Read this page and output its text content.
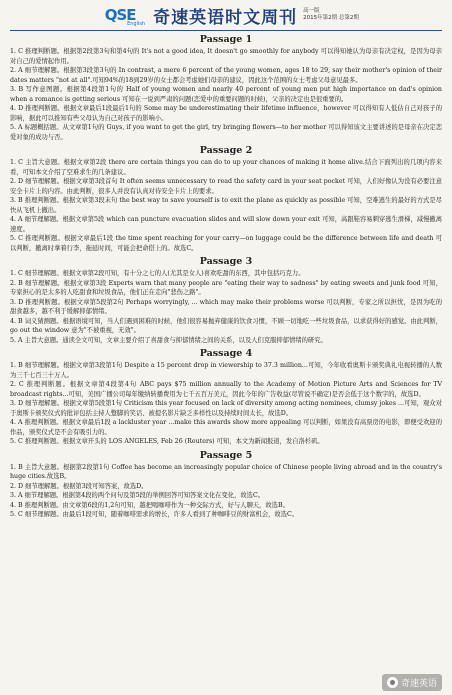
QSE
English 奇速英语时文周刊 高一版
2015年第2期 总第2期
Passage 1

1. C 推理判断题。根据第2段第3句和第4句的 It's not a good idea, It doesn't go smoothly for anybody 可以得知她认为母亲有决定权，是因为母亲对自己的爱情起作用。

2. A 细节理解题。根据第3段第3句的 In contrast, a mere 6 percent of the young women, ages 18 to 29, say their mother's opinion of their dates matters "not at all".可知94%的18到29岁的女士都会考虑她们母亲的建议，因此这个范围的女士考虑父母意见最多。

3. B 写作意图题。根据第4段第1句的 Half of young women and nearly 40 percent of young men put high importance on dad's opinion when a romance is getting serious 可知在一说到严肃的问题(恋爱中的重要问题的时候)，父亲的决定也是很重要的。

4. D 推理判断题。根据文章最后1段最后1句的 Some may be underestimating their lifetime influence，however 可以得知有人低估自己对孩子的影响，据此可以推知有些父母认为自己对孩子的影响小。

5. A 标题概括题。从文章第1句的 Guys, if you want to get the girl, try bringing flowers—to her mother 可以得知该文主要讲述的是母亲在决定恋爱对象的成功与否。

Passage 2

1. C 主旨大意题。根据文章第2段 there are certain things you can do to up your chances of making it home alive.结合下面列出的几项内容来看，可知本文介绍了空难求生的几条建议。

2. D 细节理解题。根据文章第3段首句 It often seems unnecessary to read the safety card in your seat pocket 可知，人们好像认为没有必要注意安全卡片上的内容。由此判断，很多人并没有认真对待安全卡片上的要求。

3. B 推理判断题。根据文章第3段末句 the best way to save yourself is to exit the plane as quickly as possible 可知，空难逃生的最好的方式是尽快从飞机上撤出。

4. A 细节理解题。根据文章第5段 which can puncture evacuation slides and will slow down your exit 可知，高跟鞋容易刺穿逃生滑梯，减慢撤离速度。

5. C 推理判断题。根据文章最后1段 the time spent reaching for your carry—on luggage could be the difference between life and death 可以判断，撤离时拿着行李，拖延时间，可能会把命搭上的。故选C。

Passage 3

1. C 细节理解题。根据文章第2段可知，有十分之七的人(尤其是女人)喜欢吃甜的东西，其中包括巧克力。

2. B 细节理解题。根据文章第3段 Experts warn that many people are "eating their way to sadness" by eating sweets and junk food 可知，专家担心的是太多的人吃甜食和垃圾食品，他们正在走向"悲伤之路"。

3. D 推理判断题。根据文章第5段第2句 Perhaps worryingly, ... which may make their problems worse 可以判断，专家之所以担忧，是因为吃的甜食越多，越不利于缓解抑郁情绪。

4. B 词义猜测题。根据语境可知，当人们遇到困难的时候，他们很容易抛弃健康的饮食习惯，不顾一切地吃一些垃圾食品，以求获得好的感觉。由此判断，go out the window 意为"不被重视，无效"。

5. A 主旨大意题。通读全文可知，文章主要介绍了喜甜食与抑郁情绪之间的关系，以及人们克服抑郁情绪的研究。

Passage 4

1. B 细节理解题。根据文章第3段第1句 Despite a 15 percent drop in viewership to 37.3 million...可知，今年收看奥斯卡颁奖典礼电视转播的人数为三千七百三十万人。

2. C 推理判断题。根据文章第4段第4句 ABC pays $75 million annually to the Academy of Motion Picture Arts and Sciences for TV broadcast rights...可知，美国广播公司每年缴纳转播费用为七千五百万美元，因此今年的广告收益(尽管说不确定)是否会低于这个数字的，故选D。

3. D 细节理解题。根据文章第5段第1句 Criticism this year focused on lack of diversity among acting nominees, clumsy jokes ...可知，观众对于奥斯卡颁奖仪式的批评包括主持人蹩脚的笑话、被提名影片缺乏多样性以及持续时间太长，故选D。

4. A 推理判断题。根据文章最后1段 a lackluster year ...make this awards show more appealing 可以判断，如果没有高票房的电影，即便受欢迎的作品，颁奖仪式是不会有吸引力的。

5. C 推理判断题。根据文章开头的 LOS ANGELES, Feb 26 (Reuters) 可知，本文为新闻报道，发自洛杉矶。

Passage 5

1. B 主旨大意题。根据第2段第1句 Coffee has become an increasingly popular choice of Chinese people living abroad and in the country's huge cities.故选B。

2. D 细节理解题。根据第3段可知答案，故选D。

3. A 细节理解题。根据第4段的两个问句及第5段的举例回答可知答案文化在变化，故选C。

4. B 推理判断题。由文章第6段的1,2句可知，越把喝咖啡作为一种交际方式，好与人聊天，故选B。

5. C 细节理解题。由最后1段可知，随着咖啡需求的增长，许多人看到了种咖啡豆的财富机会，故选C。

奇速英语
